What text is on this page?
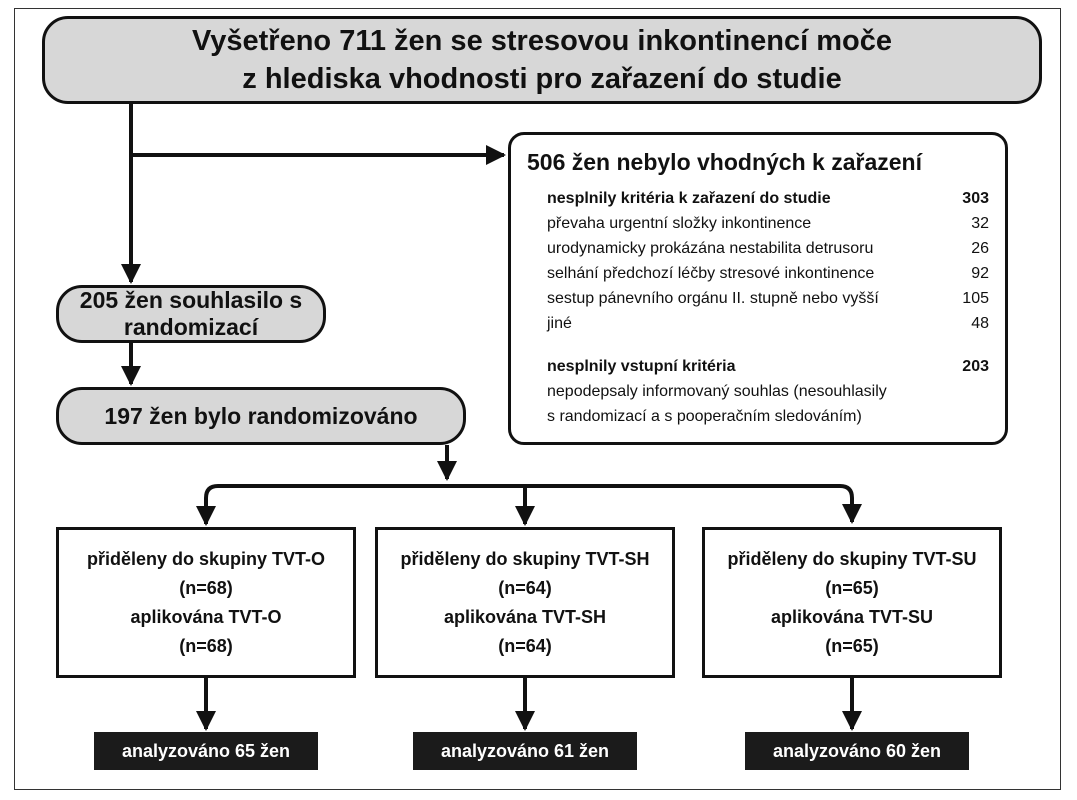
Vyšetřeno 711 žen se stresovou inkontinencí moče
z hlediska vhodnosti pro zařazení do studie
506 žen nebylo vhodných k zařazení
nesplnily kritéria k zařazení do studie	303
převaha urgentní složky inkontinence	32
urodynamicky prokázána nestabilita detrusoru	26
selhání předchozí léčby stresové inkontinence	92
sestup pánevního orgánu II. stupně nebo vyšší	105
jiné	48
nesplnily vstupní kritéria	203
nepodepsaly informovaný souhlas (nesouhlasily
s randomizací a s pooperačním sledováním)
205 žen souhlasilo s randomizací
197 žen bylo randomizováno
přiděleny do skupiny TVT-O
(n=68)
aplikována TVT-O
(n=68)
přiděleny do skupiny TVT-SH
(n=64)
aplikována TVT-SH
(n=64)
přiděleny do skupiny TVT-SU
(n=65)
aplikována TVT-SU
(n=65)
analyzováno 65 žen	analyzováno 61 žen	analyzováno 60 žen
